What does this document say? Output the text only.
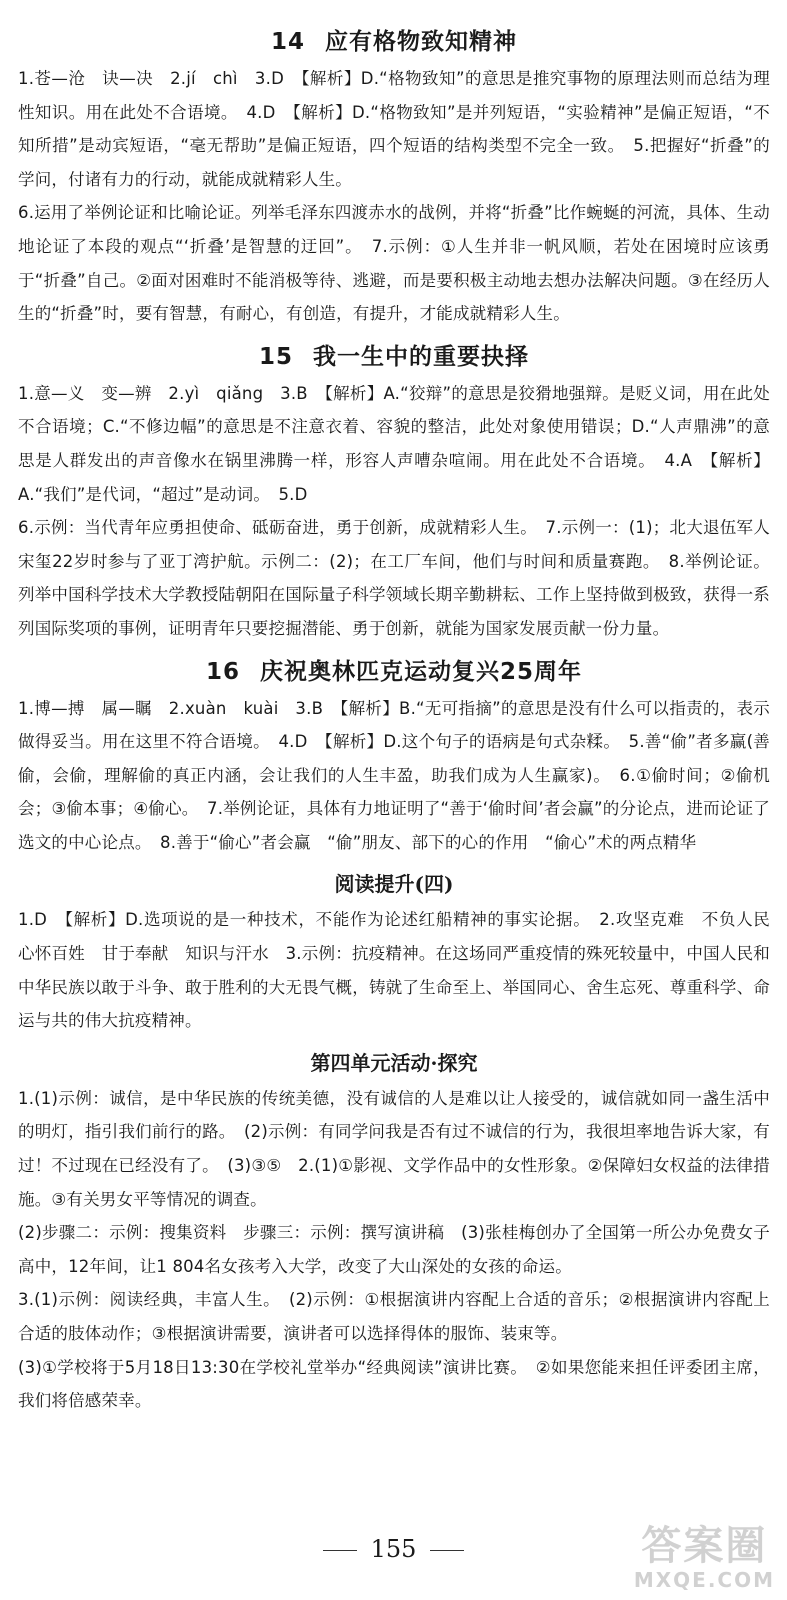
14 应有格物致知精神

1.苍—沧　诀—决　2.jí　chì　3.D　【解析】D.“格物致知”的意思是推究事物的原理法则而总结为理性知识。用在此处不合语境。　4.D　【解析】D.“格物致知”是并列短语，“实验精神”是偏正短语，“不知所措”是动宾短语，“毫无帮助”是偏正短语，四个短语的结构类型不完全一致。　5.把握好“折叠”的学问，付诸有力的行动，就能成就精彩人生。

6.运用了举例论证和比喻论证。列举毛泽东四渡赤水的战例，并将“折叠”比作蜿蜒的河流，具体、生动地论证了本段的观点“‘折叠’是智慧的迂回”。　7.示例：①人生并非一帆风顺，若处在困境时应该勇于“折叠”自己。②面对困难时不能消极等待、逃避，而是要积极主动地去想办法解决问题。③在经历人生的“折叠”时，要有智慧，有耐心，有创造，有提升，才能成就精彩人生。

15 我一生中的重要抉择

1.意—义　变—辨　2.yì　qiǎng　3.B　【解析】A.“狡辩”的意思是狡猾地强辩。是贬义词，用在此处不合语境；C.“不修边幅”的意思是不注意衣着、容貌的整洁，此处对象使用错误；D.“人声鼎沸”的意思是人群发出的声音像水在锅里沸腾一样，形容人声嘈杂喧闹。用在此处不合语境。　4.A　【解析】A.“我们”是代词，“超过”是动词。　5.D

6.示例：当代青年应勇担使命、砥砺奋进，勇于创新，成就精彩人生。　7.示例一：(1)；北大退伍军人宋玺22岁时参与了亚丁湾护航。示例二：(2)；在工厂车间，他们与时间和质量赛跑。　8.举例论证。列举中国科学技术大学教授陆朝阳在国际量子科学领域长期辛勤耕耘、工作上坚持做到极致，获得一系列国际奖项的事例，证明青年只要挖掘潜能、勇于创新，就能为国家发展贡献一份力量。

16 庆祝奥林匹克运动复兴25周年

1.博—搏　属—瞩　2.xuàn　kuài　3.B　【解析】B.“无可指摘”的意思是没有什么可以指责的，表示做得妥当。用在这里不符合语境。　4.D　【解析】D.这个句子的语病是句式杂糅。　5.善“偷”者多赢(善偷，会偷，理解偷的真正内涵，会让我们的人生丰盈，助我们成为人生赢家)。　6.①偷时间；②偷机会；③偷本事；④偷心。　7.举例论证，具体有力地证明了“善于‘偷时间’者会赢”的分论点，进而论证了选文的中心论点。　8.善于“偷心”者会赢　“偷”朋友、部下的心的作用　“偷心”术的两点精华

阅读提升(四)

1.D　【解析】D.选项说的是一种技术，不能作为论述红船精神的事实论据。　2.攻坚克难　不负人民　心怀百姓　甘于奉献　知识与汗水　3.示例：抗疫精神。在这场同严重疫情的殊死较量中，中国人民和中华民族以敢于斗争、敢于胜利的大无畏气概，铸就了生命至上、举国同心、舍生忘死、尊重科学、命运与共的伟大抗疫精神。

第四单元活动·探究

1.(1)示例：诚信，是中华民族的传统美德，没有诚信的人是难以让人接受的，诚信就如同一盏生活中的明灯，指引我们前行的路。　(2)示例：有同学问我是否有过不诚信的行为，我很坦率地告诉大家，有过！不过现在已经没有了。　(3)③⑤　2.(1)①影视、文学作品中的女性形象。②保障妇女权益的法律措施。③有关男女平等情况的调查。

(2)步骤二：示例：搜集资料　步骤三：示例：撰写演讲稿　(3)张桂梅创办了全国第一所公办免费女子高中，12年间，让1 804名女孩考入大学，改变了大山深处的女孩的命运。

3.(1)示例：阅读经典，丰富人生。　(2)示例：①根据演讲内容配上合适的音乐；②根据演讲内容配上合适的肢体动作；③根据演讲需要，演讲者可以选择得体的服饰、装束等。

(3)①学校将于5月18日13:30在学校礼堂举办“经典阅读”演讲比赛。　②如果您能来担任评委团主席，我们将倍感荣幸。

155	答案圈
MXQE.COM
